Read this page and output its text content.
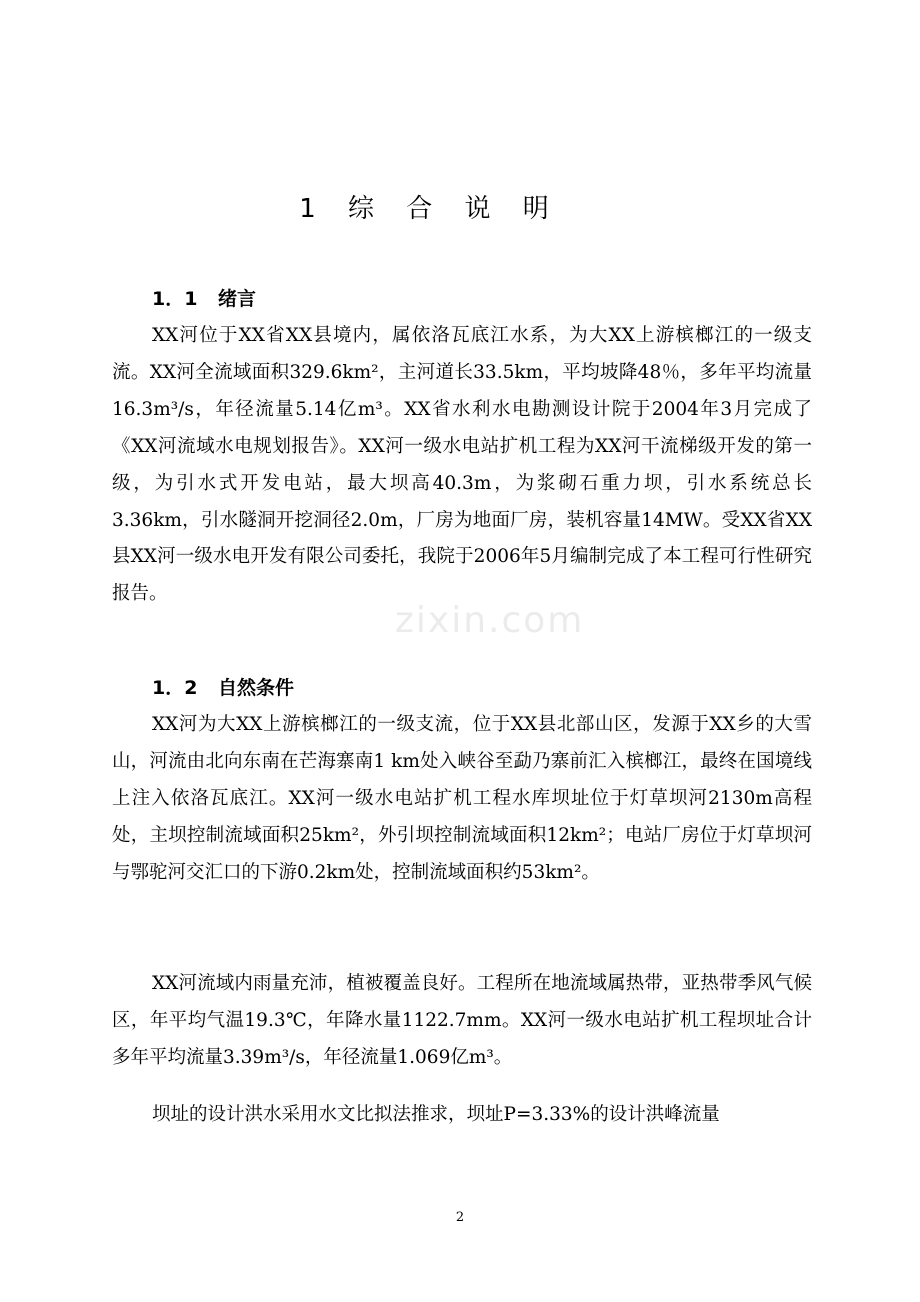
1 综 合 说 明
1．1 绪言

XX河位于XX省XX县境内，属依洛瓦底江水系，为大XX上游槟榔江的一级支流。XX河全流域面积329.6km²，主河道长33.5km，平均坡降48％，多年平均流量16.3m³/s，年径流量5.14亿m³。XX省水利水电勘测设计院于2004年3月完成了《XX河流域水电规划报告》。XX河一级水电站扩机工程为XX河干流梯级开发的第一级，为引水式开发电站，最大坝高40.3m，为浆砌石重力坝，引水系统总长3.36km，引水隧洞开挖洞径2.0m，厂房为地面厂房，装机容量14MW。受XX省XX县XX河一级水电开发有限公司委托，我院于2006年5月编制完成了本工程可行性研究报告。

1．2 自然条件

XX河为大XX上游槟榔江的一级支流，位于XX县北部山区，发源于XX乡的大雪山，河流由北向东南在芒海寨南1 km处入峡谷至勐乃寨前汇入槟榔江，最终在国境线上注入依洛瓦底江。XX河一级水电站扩机工程水库坝址位于灯草坝河2130m高程处，主坝控制流域面积25km²，外引坝控制流域面积12km²；电站厂房位于灯草坝河与鄂驼河交汇口的下游0.2km处，控制流域面积约53km²。

XX河流域内雨量充沛，植被覆盖良好。工程所在地流域属热带，亚热带季风气候区，年平均气温19.3℃，年降水量1122.7mm。XX河一级水电站扩机工程坝址合计多年平均流量3.39m³/s，年径流量1.069亿m³。

坝址的设计洪水采用水文比拟法推求，坝址P=3.33%的设计洪峰流量

zixin.com
2
